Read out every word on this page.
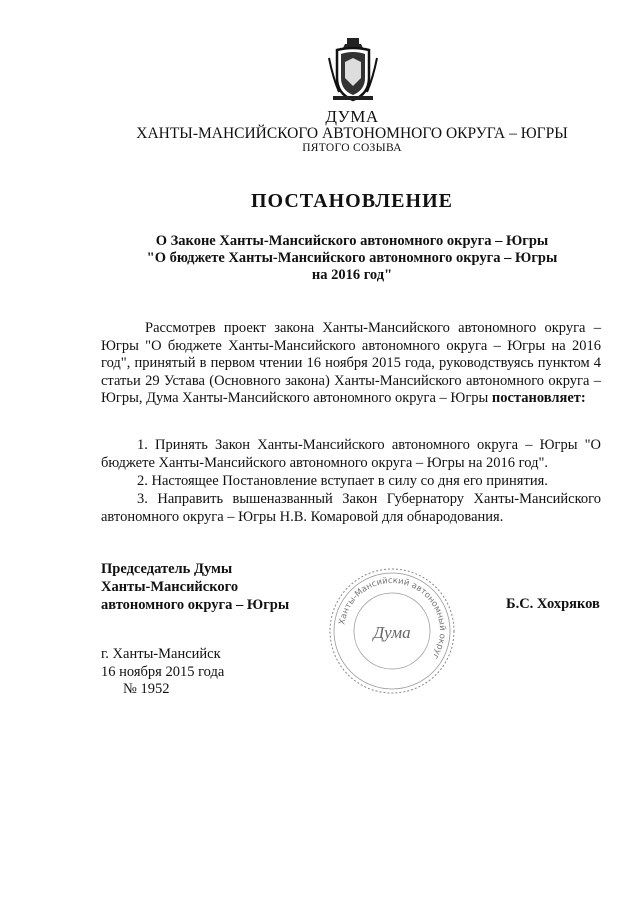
ДУМА
ХАНТЫ-МАНСИЙСКОГО АВТОНОМНОГО ОКРУГА – ЮГРЫ
ПЯТОГО СОЗЫВА
ПОСТАНОВЛЕНИЕ
О Законе Ханты-Мансийского автономного округа – Югры
"О бюджете Ханты-Мансийского автономного округа – Югры
на 2016 год"
Рассмотрев проект закона Ханты-Мансийского автономного округа – Югры "О бюджете Ханты-Мансийского автономного округа – Югры на 2016 год", принятый в первом чтении 16 ноября 2015 года, руководствуясь пунктом 4 статьи 29 Устава (Основного закона) Ханты-Мансийского автономного округа – Югры, Дума Ханты-Мансийского автономного округа – Югры постановляет:
1. Принять Закон Ханты-Мансийского автономного округа – Югры "О бюджете Ханты-Мансийского автономного округа – Югры на 2016 год".
2. Настоящее Постановление вступает в силу со дня его принятия.
3. Направить вышеназванный Закон Губернатору Ханты-Мансийского автономного округа – Югры Н.В. Комаровой для обнародования.
Председатель Думы
Ханты-Мансийского
автономного округа – Югры	Б.С. Хохряков
Ханты-Мансийский автономный округ
Дума
г. Ханты-Мансийск
16 ноября 2015 года
№ 1952
